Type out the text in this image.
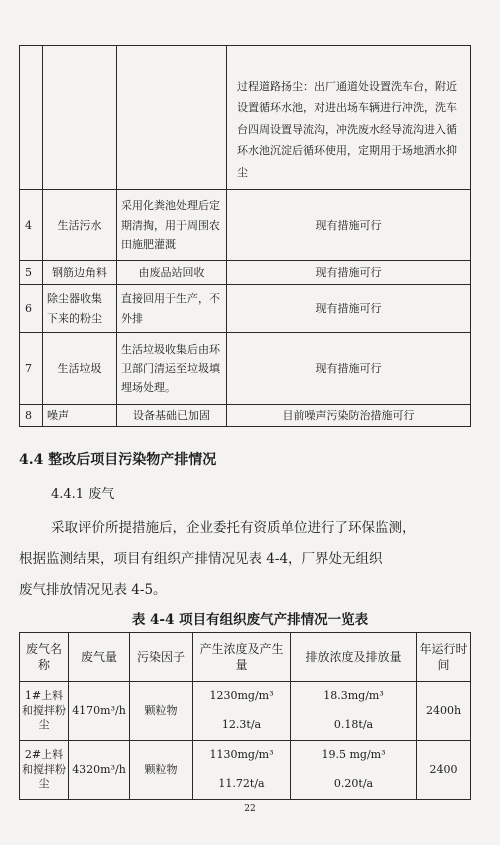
			过程道路扬尘：出厂通道处设置洗车台，附近设置循环水池，对进出场车辆进行冲洗，洗车台四周设置导流沟，冲洗废水经导流沟进入循环水池沉淀后循环使用，定期用于场地洒水抑尘
4	生活污水	采用化粪池处理后定期清掏，用于周围农田施肥灌溉	现有措施可行
5	钢筋边角料	由废品站回收	现有措施可行
6	除尘器收集下来的粉尘	直接回用于生产，不外排	现有措施可行
7	生活垃圾	生活垃圾收集后由环卫部门清运至垃圾填埋场处理。	现有措施可行
8	噪声	设备基础已加固	目前噪声污染防治措施可行
4.4 整改后项目污染物产排情况
4.4.1 废气

采取评价所提措施后，企业委托有资质单位进行了环保监测，

根据监测结果，项目有组织产排情况见表 4-4，厂界处无组织

废气排放情况见表 4-5。

表 4-4 项目有组织废气产排情况一览表
废气名称	废气量	污染因子	产生浓度及产生量	排放浓度及排放量	年运行时间
1#上料和搅拌粉尘	4170m³/h	颗粒物	1230mg/m³	18.3mg/m³	2400h
			12.3t/a	0.18t/a	
2#上料和搅拌粉尘	4320m³/h	颗粒物	1130mg/m³	19.5 mg/m³	2400
			11.72t/a	0.20t/a	
22
